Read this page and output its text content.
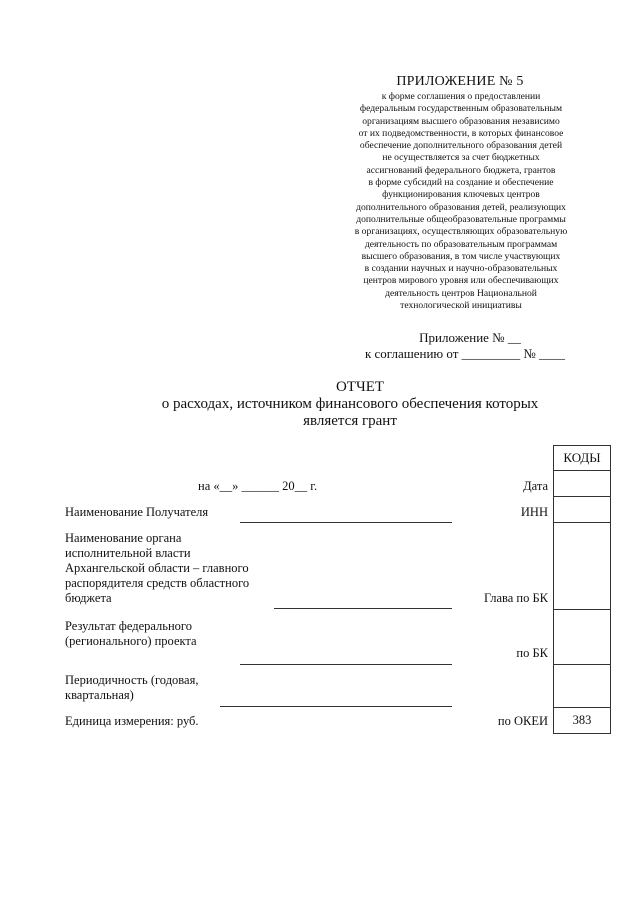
ПРИЛОЖЕНИЕ № 5
к форме соглашения о предоставлении
федеральным государственным образовательным
организациям высшего образования независимо
от их подведомственности, в которых финансовое
обеспечение дополнительного образования детей
не осуществляется за счет бюджетных
ассигнований федерального бюджета, грантов
в форме субсидий на создание и обеспечение
функционирования ключевых центров
дополнительного образования детей, реализующих
дополнительные общеобразовательные программы
в организациях, осуществляющих образовательную
деятельность по образовательным программам
высшего образования, в том числе участвующих
в создании научных и научно-образовательных
центров мирового уровня или обеспечивающих
деятельность центров Национальной
технологической инициативы
Приложение № __
к соглашению от _________ № ____
ОТЧЕТ
о расходах, источником финансового обеспечения которых
является грант
на «__» ______ 20__ г.
Наименование Получателя
Наименование органа
исполнительной власти
Архангельской области – главного
распорядителя средств областного
бюджета
Результат федерального
(регионального) проекта
Периодичность (годовая,
квартальная)
Единица измерения: руб.
Дата
ИНН
Глава по БК
по БК
по ОКЕИ
КОДЫ
383
